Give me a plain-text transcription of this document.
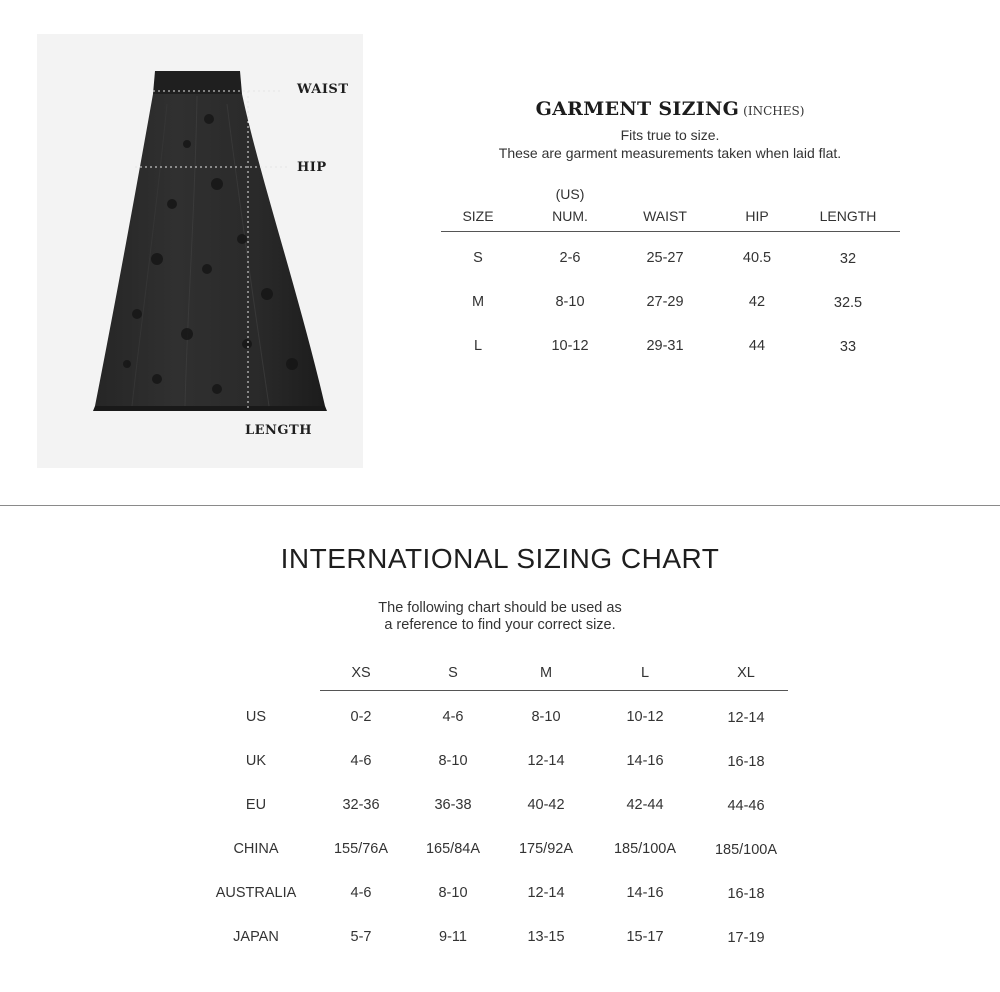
WAIST
HIP
LENGTH
GARMENT SIZING (INCHES)
Fits true to size.
These are garment measurements taken when laid flat.
SIZE
(US)
NUM.	WAIST	HIP	LENGTH
S	2-6	25-27	40.5	32
M	8-10	27-29	42	32.5
L	10-12	29-31	44	33
INTERNATIONAL SIZING CHART
The following chart should be used as
a reference to find your correct size.
XS	S	M	L	XL
US	0-2	4-6	8-10	10-12	12-14
UK	4-6	8-10	12-14	14-16	16-18
EU	32-36	36-38	40-42	42-44	44-46
CHINA	155/76A	165/84A	175/92A	185/100A	185/100A
AUSTRALIA	4-6	8-10	12-14	14-16	16-18
JAPAN	5-7	9-11	13-15	15-17	17-19
